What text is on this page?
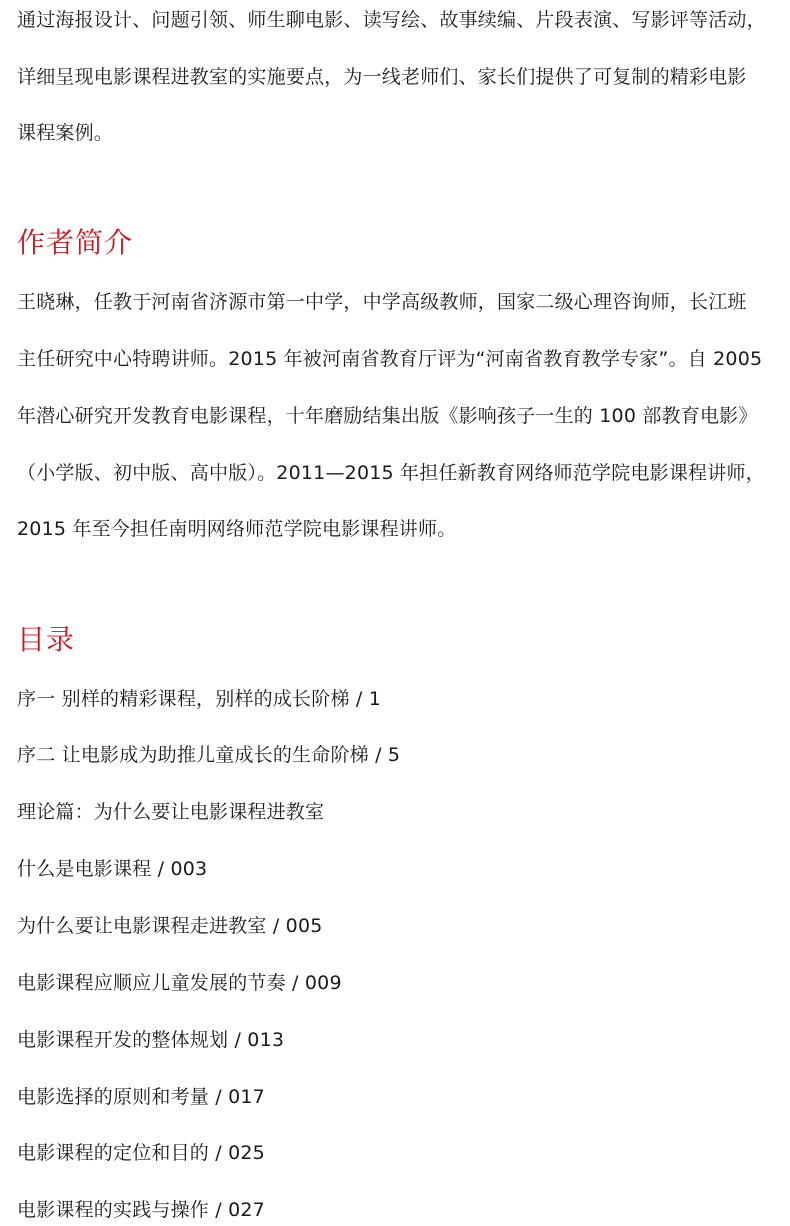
通过海报设计、问题引领、师生聊电影、读写绘、故事续编、片段表演、写影评等活动，
详细呈现电影课程进教室的实施要点，为一线老师们、家长们提供了可复制的精彩电影
课程案例。
作者简介
王晓琳，任教于河南省济源市第一中学，中学高级教师，国家二级心理咨询师，长江班
主任研究中心特聘讲师。2015 年被河南省教育厅评为“河南省教育教学专家”。自 2005
年潜心研究开发教育电影课程，十年磨励结集出版《影响孩子一生的 100 部教育电影》
（小学版、初中版、高中版）。2011—2015 年担任新教育网络师范学院电影课程讲师，
2015 年至今担任南明网络师范学院电影课程讲师。
目录
序一 别样的精彩课程，别样的成长阶梯 / 1
序二 让电影成为助推儿童成长的生命阶梯 / 5
理论篇：为什么要让电影课程进教室
什么是电影课程 / 003
为什么要让电影课程走进教室 / 005
电影课程应顺应儿童发展的节奏 / 009
电影课程开发的整体规划 / 013
电影选择的原则和考量 / 017
电影课程的定位和目的 / 025
电影课程的实践与操作 / 027
